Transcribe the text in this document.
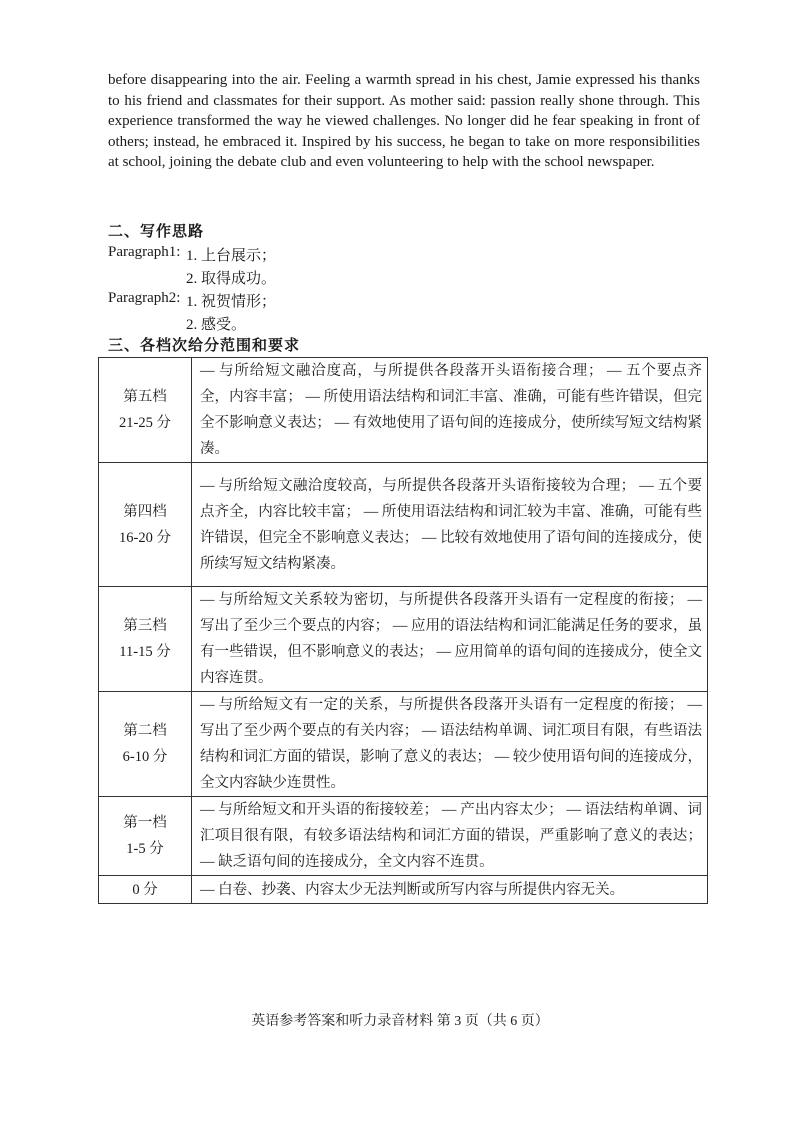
before disappearing into the air. Feeling a warmth spread in his chest, Jamie expressed his thanks to his friend and classmates for their support. As mother said: passion really shone through. This experience transformed the way he viewed challenges. No longer did he fear speaking in front of others; instead, he embraced it. Inspired by his success, he began to take on more responsibilities at school, joining the debate club and even volunteering to help with the school newspaper.

二、写作思路
Paragraph1: 1. 上台展示；
2. 取得成功。
Paragraph2: 1. 祝贺情形；
2. 感受。
三、各档次给分范围和要求
第五档
21-25 分	— 与所给短文融洽度高，与所提供各段落开头语衔接合理； — 五个要点齐全，内容丰富； — 所使用语法结构和词汇丰富、准确，可能有些许错误，但完全不影响意义表达； — 有效地使用了语句间的连接成分，使所续写短文结构紧凑。

第四档
16-20 分	— 与所给短文融洽度较高，与所提供各段落开头语衔接较为合理； — 五个要点齐全，内容比较丰富； — 所使用语法结构和词汇较为丰富、准确，可能有些许错误，但完全不影响意义表达； — 比较有效地使用了语句间的连接成分，使所续写短文结构紧凑。

第三档
11-15 分	— 与所给短文关系较为密切，与所提供各段落开头语有一定程度的衔接； — 写出了至少三个要点的内容； — 应用的语法结构和词汇能满足任务的要求，虽有一些错误，但不影响意义的表达； — 应用简单的语句间的连接成分，使全文内容连贯。

第二档
6-10 分	— 与所给短文有一定的关系，与所提供各段落开头语有一定程度的衔接； — 写出了至少两个要点的有关内容； — 语法结构单调、词汇项目有限，有些语法结构和词汇方面的错误，影响了意义的表达； — 较少使用语句间的连接成分，全文内容缺少连贯性。

第一档
1-5 分	— 与所给短文和开头语的衔接较差； — 产出内容太少； — 语法结构单调、词汇项目很有限，有较多语法结构和词汇方面的错误，严重影响了意义的表达； — 缺乏语句间的连接成分，全文内容不连贯。

0 分	— 白卷、抄袭、内容太少无法判断或所写内容与所提供内容无关。
英语参考答案和听力录音材料 第 3 页（共 6 页）
